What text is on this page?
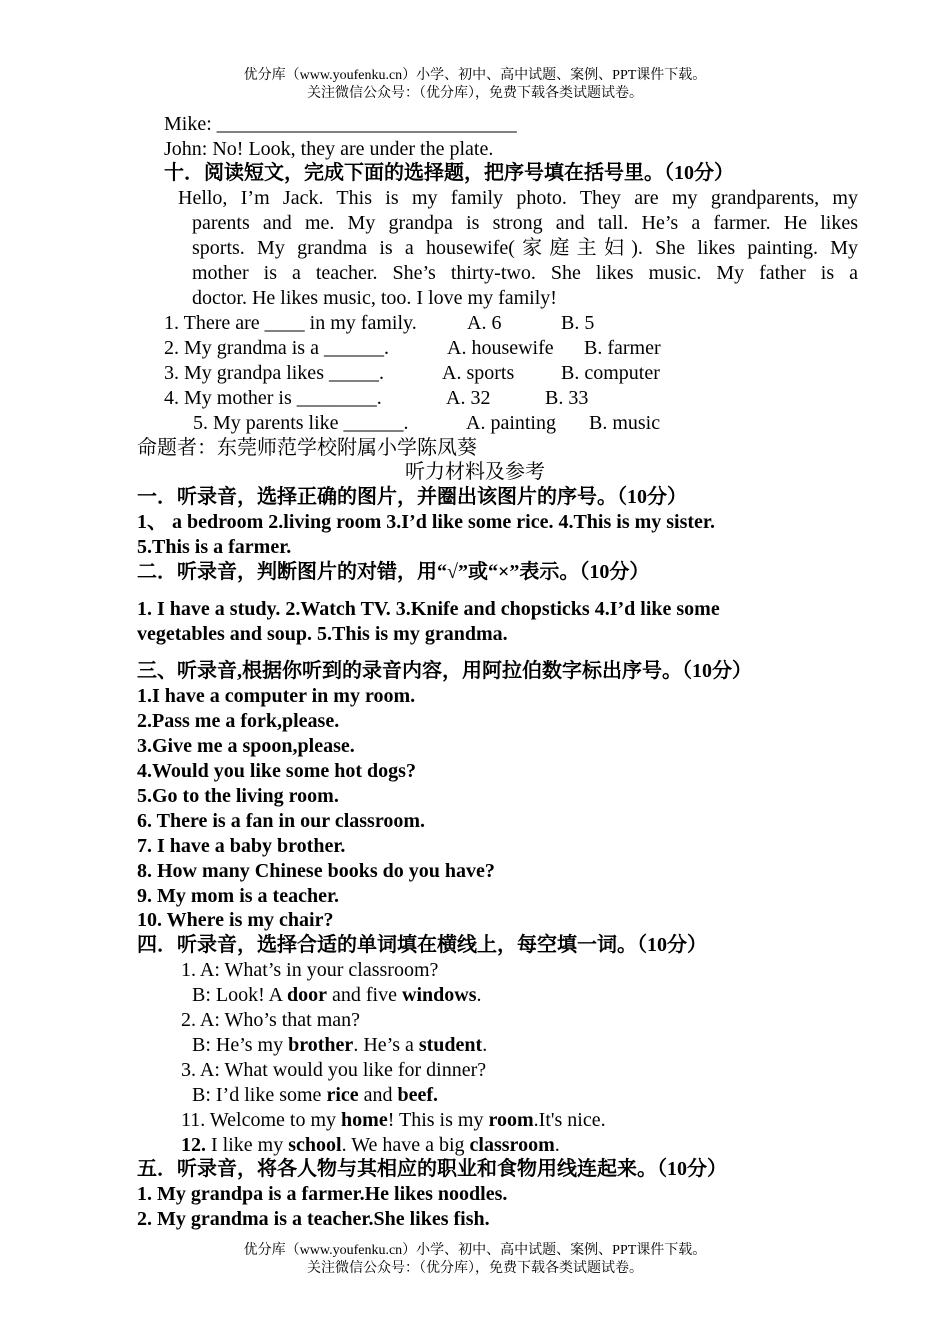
优分库（www.youfenku.cn）小学、初中、高中试题、案例、PPT课件下载。
关注微信公众号：（优分库），免费下载各类试题试卷。
Mike: ______________________________
John: No! Look, they are under the plate.
十．阅读短文，完成下面的选择题，把序号填在括号里。（10分）
Hello, I’m Jack. This is my family photo. They are my grandparents, my
parents and me. My grandpa is strong and tall. He’s a farmer. He likes
sports. My grandma is a housewife(家庭主妇). She likes painting. My
mother is a teacher. She’s thirty-two. She likes music. My father is a
doctor. He likes music, too. I love my family!
1. There are ____ in my family.	A. 6	B. 5
2. My grandma is a ______.	A. housewife B. farmer
3. My grandpa likes _____.	A. sports B. computer
4. My mother is ________.	A. 32	B. 33
5. My parents like ______.	A. painting B. music
命题者：东莞师范学校附属小学陈凤葵
听力材料及参考
一．听录音，选择正确的图片，并圈出该图片的序号。（10分）
1、 a bedroom 2.living room 3.I’d like some rice. 4.This is my sister.
5.This is a farmer.
二．听录音，判断图片的对错，用“√”或“×”表示。（10分）
1. I have a study. 2.Watch TV. 3.Knife and chopsticks 4.I’d like some
vegetables and soup. 5.This is my grandma.
三、听录音,根据你听到的录音内容，用阿拉伯数字标出序号。（10分）
1.I have a computer in my room.
2.Pass me a fork,please.
3.Give me a spoon,please.
4.Would you like some hot dogs?
5.Go to the living room.
6. There is a fan in our classroom.
7. I have a baby brother.
8. How many Chinese books do you have?
9. My mom is a teacher.
10. Where is my chair?
四．听录音，选择合适的单词填在横线上，每空填一词。（10分）
1. A: What’s in your classroom?
B: Look! A door and five windows.
2. A: Who’s that man?
B: He’s my brother. He’s a student.
3. A: What would you like for dinner?
B: I’d like some rice and beef.
11. Welcome to my home! This is my room.It's nice.
12. I like my school. We have a big classroom.
五．听录音，将各人物与其相应的职业和食物用线连起来。（10分）
1. My grandpa is a farmer.He likes noodles.
2. My grandma is a teacher.She likes fish.
优分库（www.youfenku.cn）小学、初中、高中试题、案例、PPT课件下载。
关注微信公众号：（优分库），免费下载各类试题试卷。
